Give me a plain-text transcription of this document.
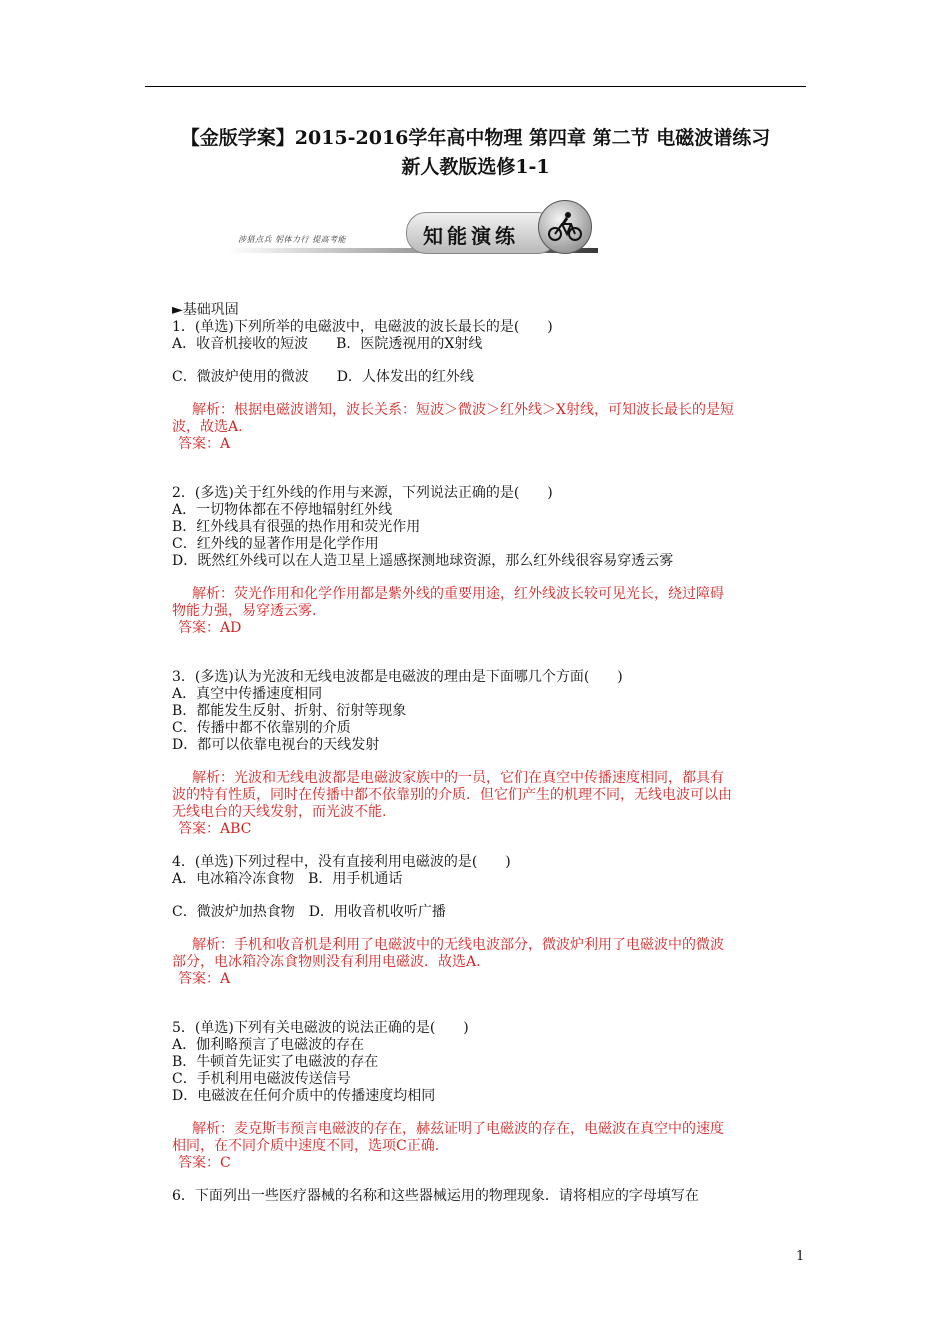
【金版学案】2015-2016学年高中物理 第四章 第二节 电磁波谱练习
新人教版选修1-1
涉猎点兵 躬体力行 提高考能	知能演练

►基础巩固

1．(单选)下列所举的电磁波中，电磁波的波长最长的是(　　)

A．收音机接收的短波　　B．医院透视用的X射线

C．微波炉使用的微波　　D．人体发出的红外线

解析：根据电磁波谱知，波长关系：短波＞微波＞红外线＞X射线，可知波长最长的是短

波，故选A.

答案：A

2．(多选)关于红外线的作用与来源，下列说法正确的是(　　)

A．一切物体都在不停地辐射红外线

B．红外线具有很强的热作用和荧光作用

C．红外线的显著作用是化学作用

D．既然红外线可以在人造卫星上遥感探测地球资源，那么红外线很容易穿透云雾

解析：荧光作用和化学作用都是紫外线的重要用途，红外线波长较可见光长，绕过障碍

物能力强，易穿透云雾.

答案：AD

3．(多选)认为光波和无线电波都是电磁波的理由是下面哪几个方面(　　)

A．真空中传播速度相同

B．都能发生反射、折射、衍射等现象

C．传播中都不依靠别的介质

D．都可以依靠电视台的天线发射

解析：光波和无线电波都是电磁波家族中的一员，它们在真空中传播速度相同，都具有

波的特有性质，同时在传播中都不依靠别的介质．但它们产生的机理不同，无线电波可以由

无线电台的天线发射，而光波不能.

答案：ABC

4．(单选)下列过程中，没有直接利用电磁波的是(　　)

A．电冰箱冷冻食物　B．用手机通话

C．微波炉加热食物　D．用收音机收听广播

解析：手机和收音机是利用了电磁波中的无线电波部分，微波炉利用了电磁波中的微波

部分，电冰箱冷冻食物则没有利用电磁波．故选A.

答案：A

5．(单选)下列有关电磁波的说法正确的是(　　)

A．伽利略预言了电磁波的存在

B．牛顿首先证实了电磁波的存在

C．手机利用电磁波传送信号

D．电磁波在任何介质中的传播速度均相同

解析：麦克斯韦预言电磁波的存在，赫兹证明了电磁波的存在，电磁波在真空中的速度

相同，在不同介质中速度不同，选项C正确.

答案：C

6．下面列出一些医疗器械的名称和这些器械运用的物理现象．请将相应的字母填写在

1
